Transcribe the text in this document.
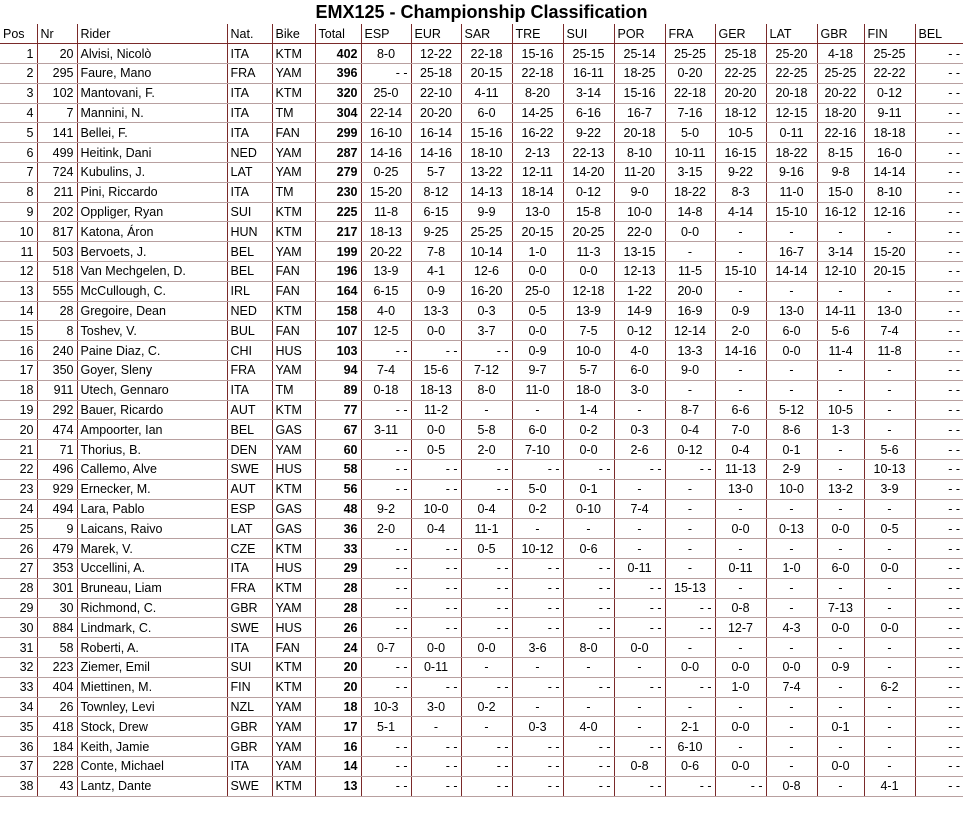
EMX125 - Championship Classification
Pos	Nr	Rider	Nat.	Bike	Total	ESP	EUR	SAR	TRE	SUI	POR	FRA	GER	LAT	GBR	FIN	BEL
1	20	Alvisi, Nicolò	ITA	KTM	402	8-0	12-22	22-18	15-16	25-15	25-14	25-25	25-18	25-20	4-18	25-25	- -
2	295	Faure, Mano	FRA	YAM	396	- -	25-18	20-15	22-18	16-11	18-25	0-20	22-25	22-25	25-25	22-22	- -
3	102	Mantovani, F.	ITA	KTM	320	25-0	22-10	4-11	8-20	3-14	15-16	22-18	20-20	20-18	20-22	0-12	- -
4	7	Mannini, N.	ITA	TM	304	22-14	20-20	6-0	14-25	6-16	16-7	7-16	18-12	12-15	18-20	9-11	- -
5	141	Bellei, F.	ITA	FAN	299	16-10	16-14	15-16	16-22	9-22	20-18	5-0	10-5	0-11	22-16	18-18	- -
6	499	Heitink, Dani	NED	YAM	287	14-16	14-16	18-10	2-13	22-13	8-10	10-11	16-15	18-22	8-15	16-0	- -
7	724	Kubulins, J.	LAT	YAM	279	0-25	5-7	13-22	12-11	14-20	11-20	3-15	9-22	9-16	9-8	14-14	- -
8	211	Pini, Riccardo	ITA	TM	230	15-20	8-12	14-13	18-14	0-12	9-0	18-22	8-3	11-0	15-0	8-10	- -
9	202	Oppliger, Ryan	SUI	KTM	225	11-8	6-15	9-9	13-0	15-8	10-0	14-8	4-14	15-10	16-12	12-16	- -
10	817	Katona, Áron	HUN	KTM	217	18-13	9-25	25-25	20-15	20-25	22-0	0-0	-	-	-	-	- -
11	503	Bervoets, J.	BEL	YAM	199	20-22	7-8	10-14	1-0	11-3	13-15	-	-	16-7	3-14	15-20	- -
12	518	Van Mechgelen, D.	BEL	FAN	196	13-9	4-1	12-6	0-0	0-0	12-13	11-5	15-10	14-14	12-10	20-15	- -
13	555	McCullough, C.	IRL	FAN	164	6-15	0-9	16-20	25-0	12-18	1-22	20-0	-	-	-	-	- -
14	28	Gregoire, Dean	NED	KTM	158	4-0	13-3	0-3	0-5	13-9	14-9	16-9	0-9	13-0	14-11	13-0	- -
15	8	Toshev, V.	BUL	FAN	107	12-5	0-0	3-7	0-0	7-5	0-12	12-14	2-0	6-0	5-6	7-4	- -
16	240	Paine Diaz, C.	CHI	HUS	103	- -	- -	- -	0-9	10-0	4-0	13-3	14-16	0-0	11-4	11-8	- -
17	350	Goyer, Sleny	FRA	YAM	94	7-4	15-6	7-12	9-7	5-7	6-0	9-0	-	-	-	-	- -
18	911	Utech, Gennaro	ITA	TM	89	0-18	18-13	8-0	11-0	18-0	3-0	-	-	-	-	-	- -
19	292	Bauer, Ricardo	AUT	KTM	77	- -	11-2	-	-	1-4	-	8-7	6-6	5-12	10-5	-	- -
20	474	Ampoorter, Ian	BEL	GAS	67	3-11	0-0	5-8	6-0	0-2	0-3	0-4	7-0	8-6	1-3	-	- -
21	71	Thorius, B.	DEN	YAM	60	- -	0-5	2-0	7-10	0-0	2-6	0-12	0-4	0-1	-	5-6	- -
22	496	Callemo, Alve	SWE	HUS	58	- -	- -	- -	- -	- -	- -	- -	11-13	2-9	-	10-13	- -
23	929	Ernecker, M.	AUT	KTM	56	- -	- -	- -	5-0	0-1	-	-	13-0	10-0	13-2	3-9	- -
24	494	Lara, Pablo	ESP	GAS	48	9-2	10-0	0-4	0-2	0-10	7-4	-	-	-	-	-	- -
25	9	Laicans, Raivo	LAT	GAS	36	2-0	0-4	11-1	-	-	-	-	0-0	0-13	0-0	0-5	- -
26	479	Marek, V.	CZE	KTM	33	- -	- -	0-5	10-12	0-6	-	-	-	-	-	-	- -
27	353	Uccellini, A.	ITA	HUS	29	- -	- -	- -	- -	- -	0-11	-	0-11	1-0	6-0	0-0	- -
28	301	Bruneau, Liam	FRA	KTM	28	- -	- -	- -	- -	- -	- -	15-13	-	-	-	-	- -
29	30	Richmond, C.	GBR	YAM	28	- -	- -	- -	- -	- -	- -	- -	0-8	-	7-13	-	- -
30	884	Lindmark, C.	SWE	HUS	26	- -	- -	- -	- -	- -	- -	- -	12-7	4-3	0-0	0-0	- -
31	58	Roberti, A.	ITA	FAN	24	0-7	0-0	0-0	3-6	8-0	0-0	-	-	-	-	-	- -
32	223	Ziemer, Emil	SUI	KTM	20	- -	0-11	-	-	-	-	0-0	0-0	0-0	0-9	-	- -
33	404	Miettinen, M.	FIN	KTM	20	- -	- -	- -	- -	- -	- -	- -	1-0	7-4	-	6-2	- -
34	26	Townley, Levi	NZL	YAM	18	10-3	3-0	0-2	-	-	-	-	-	-	-	-	- -
35	418	Stock, Drew	GBR	YAM	17	5-1	-	-	0-3	4-0	-	2-1	0-0	-	0-1	-	- -
36	184	Keith, Jamie	GBR	YAM	16	- -	- -	- -	- -	- -	- -	6-10	-	-	-	-	- -
37	228	Conte, Michael	ITA	YAM	14	- -	- -	- -	- -	- -	0-8	0-6	0-0	-	0-0	-	- -
38	43	Lantz, Dante	SWE	KTM	13	- -	- -	- -	- -	- -	- -	- -	- -	0-8	-	4-1	- -
